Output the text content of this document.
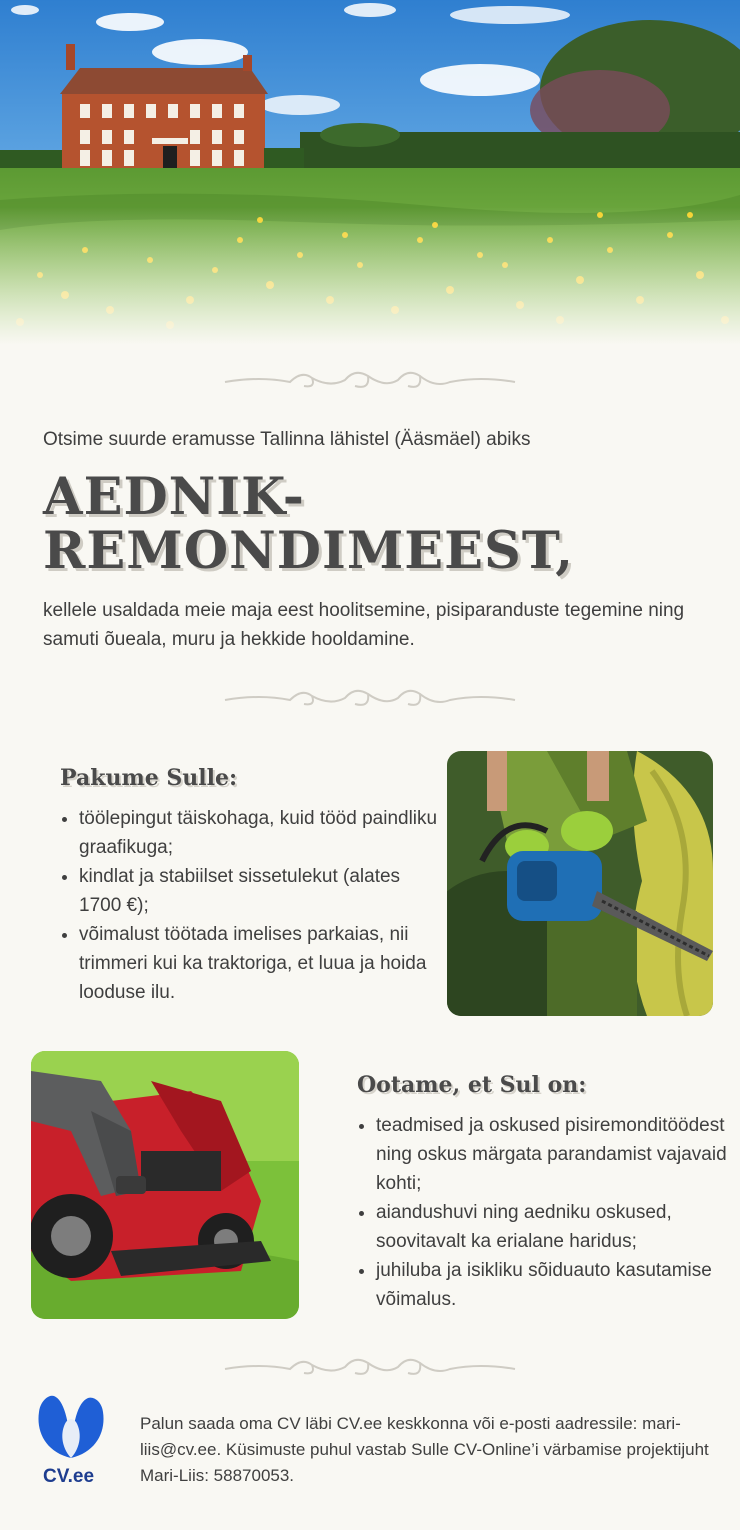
Otsime suurde eramusse Tallinna lähistel (Ääsmäel) abiks

AEDNIK-
REMONDIMEEST,

kellele usaldada meie maja eest hoolitsemine, pisiparanduste tegemine ning samuti õueala, muru ja hekkide hooldamine.

Pakume Sulle:
• töölepingut täiskohaga, kuid tööd paindliku graafikuga;
• kindlat ja stabiilset sissetulekut (alates 1700 €);
• võimalust töötada imelises parkaias, nii trimmeri kui ka traktoriga, et luua ja hoida looduse ilu.
Ootame, et Sul on:
• teadmised ja oskused pisiremonditöödest ning oskus märgata parandamist vajavaid kohti;
• aiandushuvi ning aedniku oskused, soovitavalt ka erialane haridus;
• juhiluba ja isikliku sõiduauto kasutamise võimalus.
CV.ee

Palun saada oma CV läbi CV.ee keskkonna või e-posti aadressile: mari-liis@cv.ee. Küsimuste puhul vastab Sulle CV-Online’i värbamise projektijuht Mari-Liis: 58870053.
